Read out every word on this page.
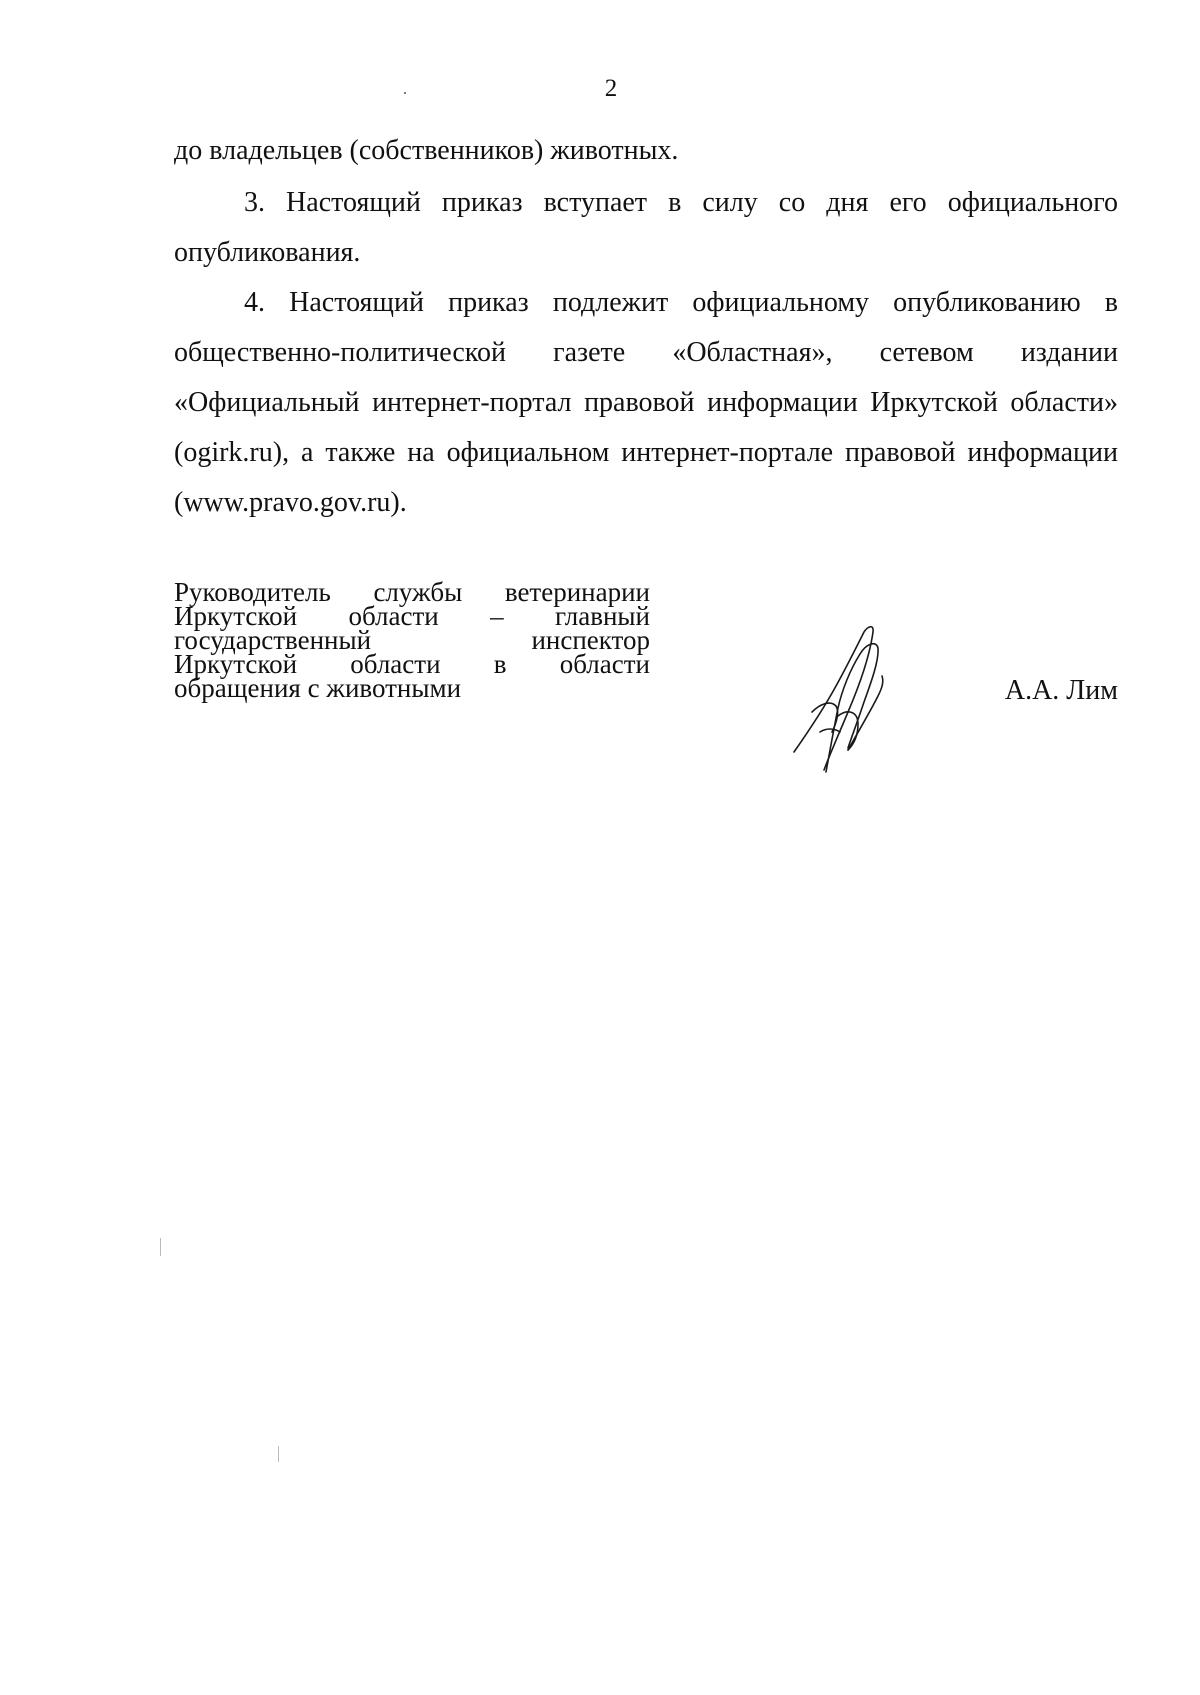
2
до владельцев (собственников) животных.
3. Настоящий приказ вступает в силу со дня его официального
опубликования.
4. Настоящий приказ подлежит официальному опубликованию в
общественно-политической газете «Областная», сетевом издании
«Официальный интернет-портал правовой информации Иркутской области»
(ogirk.ru), а также на официальном интернет-портале правовой информации
(www.pravo.gov.ru).
Руководитель службы ветеринарии
Иркутской области – главный
государственный инспектор
Иркутской области в области
обращения с животными	А.А. Лим
